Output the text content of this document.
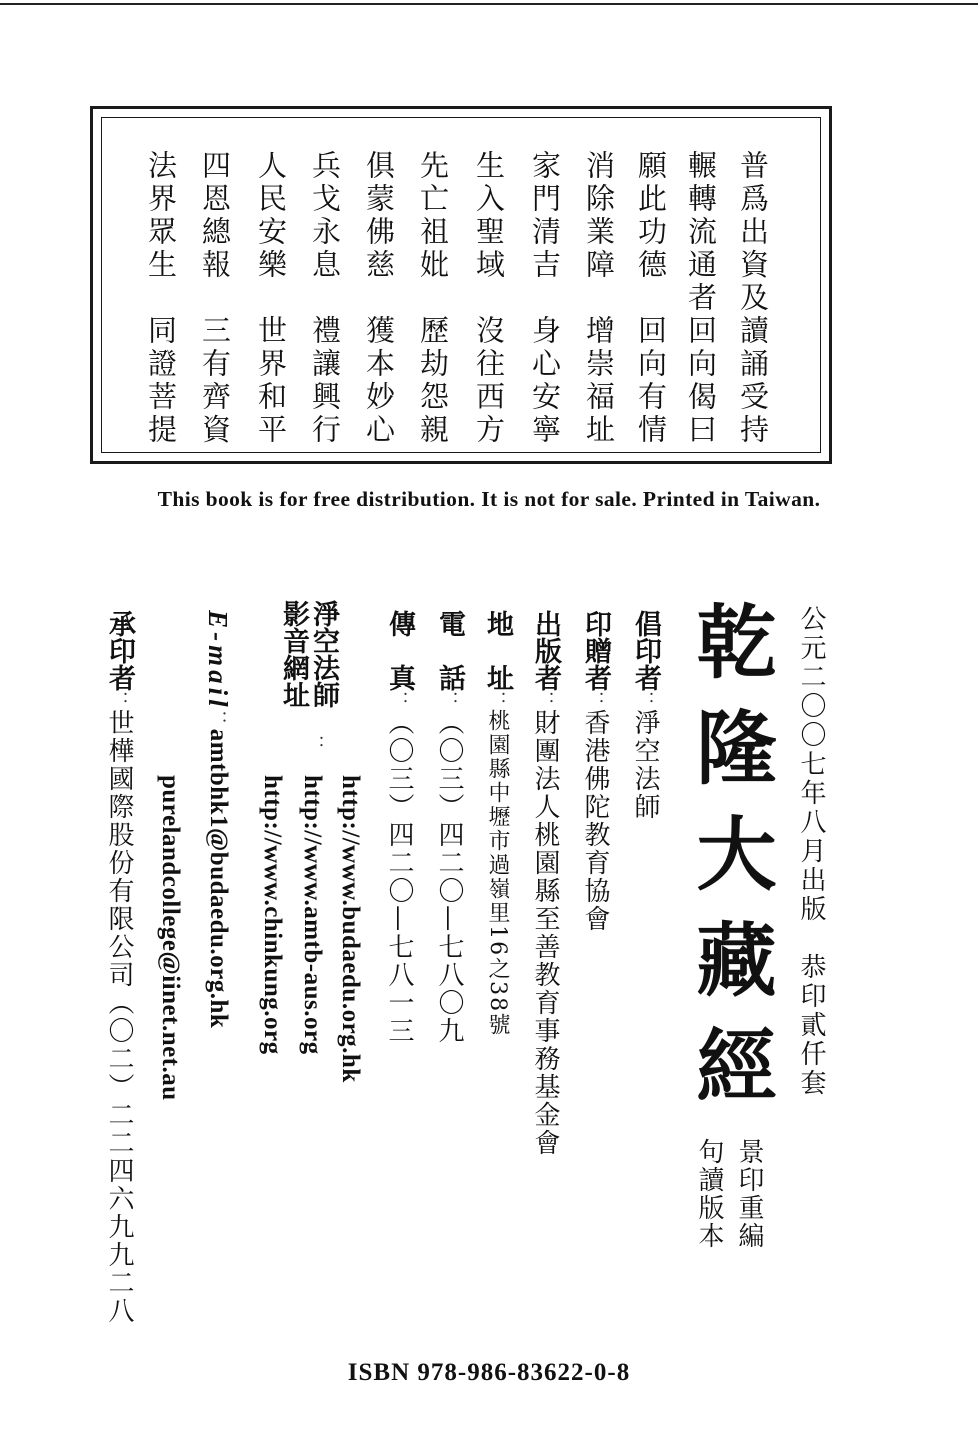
普爲出資及讀誦受持
輾轉流通者回向偈曰
願此功德　回向有情
消除業障　增崇福址
家門清吉　身心安寧
生入聖域　沒往西方
先亡祖妣　歷劫怨親
俱蒙佛慈　獲本妙心
兵戈永息　禮讓興行
人民安樂　世界和平
四恩總報　三有齊資
法界眾生　同證菩提
This book is for free distribution. It is not for sale. Printed in Taiwan.
公元二〇〇七年八月出版　恭印貳仟套
乾隆大藏經
景印重編
句讀版本

倡印者：淨空法師

印贈者：香港佛陀教育協會

出版者：財團法人桃園縣至善教育事務基金會

地　址：桃園縣中壢市過嶺里16之38號

電　話：（〇三）四二〇—七八〇九

傳　真：（〇三）四二〇—七八一三

淨空法師
影音網址
：
http://www.budaedu.org.hk
http://www.amtb-aus.org
http://www.chinkung.org

E-mail：amtbhk1@budaedu.org.hk

purelandcollege@iinet.net.au

承印者：世樺國際股份有限公司（〇二）二二四六九九二八

ISBN 978-986-83622-0-8
